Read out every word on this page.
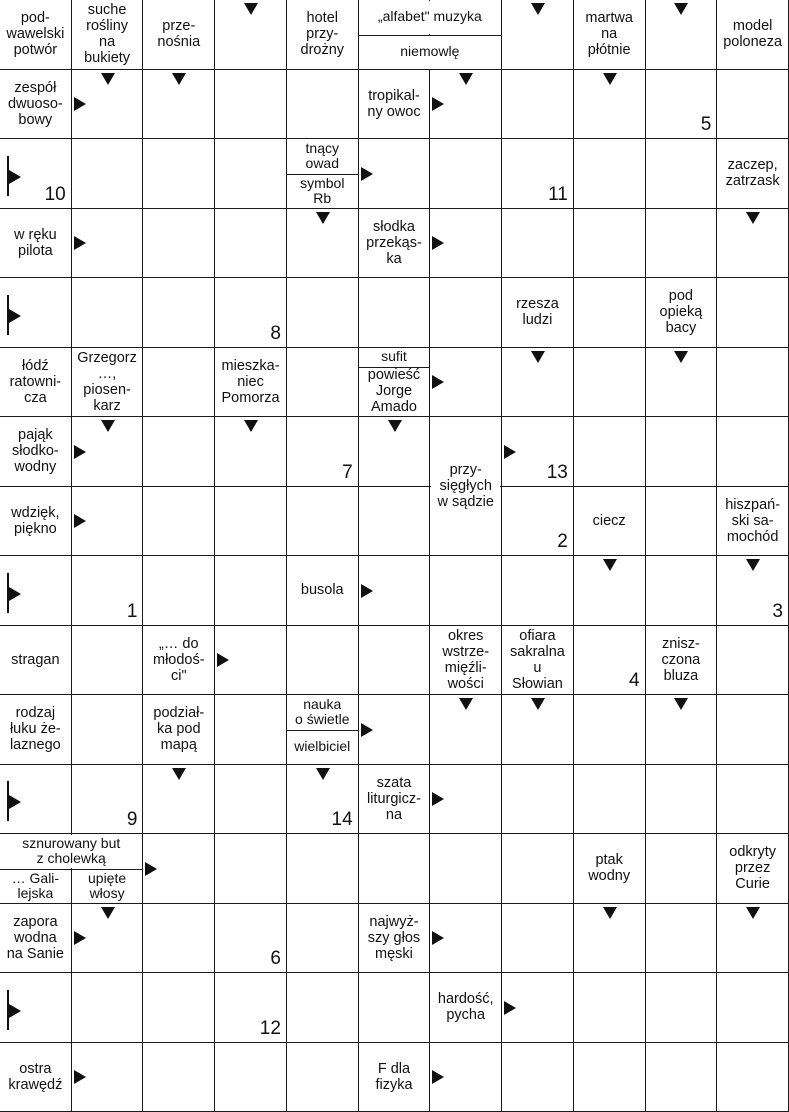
pod-
wawelski
potwór
suche
rośliny
na
bukiety
prze-
nośnia
hotel
przy-
drożny
„alfabet" muzyka
niemowlę
martwa
na
płótnie
model
poloneza
zespół
dwuoso-
bowy
tropikal-
ny owoc
tnący
owad
symbol
Rb
zaczep,
zatrzask
w ręku
pilota
słodka
przekąs-
ka
rzesza
ludzi
pod
opieką
bacy
łódź
ratowni-
cza
Grzegorz
…,
piosen-
karz
mieszka-
niec
Pomorza
sufit
powieść
Jorge
Amado
pająk
słodko-
wodny	przy-
sięgłych
w sądzie
wdzięk,
piękno	ciecz
hiszpań-
ski sa-
mochód
busola
stragan
„… do
młodoś-
ci"
okres
wstrze-
mięźli-
wości
ofiara
sakralna
u
Słowian
znisz-
czona
bluza
rodzaj
łuku że-
laznego
podział-
ka pod
mapą
nauka
o świetle
wielbiciel
szata
liturgicz-
na
sznurowany but
z cholewką	ptak
wodny
odkryty
przez
Curie
… Gali-
lejska
upięte
włosy
zapora
wodna
na Sanie
najwyż-
szy głos
męski
hardość,
pycha
ostra
krawędź
F dla
fizyka
5
10	11
8
7	13
2
1	3
4
9	14
6
12
